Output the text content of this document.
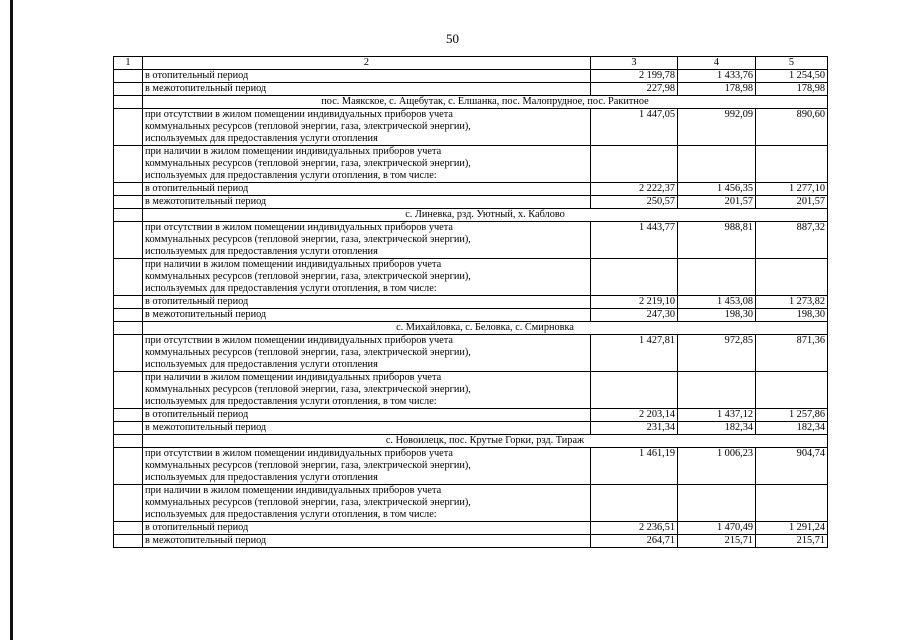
50
1	2	3	4	5
	в отопительный период	2 199,78	1 433,76	1 254,50
	в межотопительный период	227,98	178,98	178,98
	пос. Маякское, с. Ащебутак, с. Елшанка, пос. Малопрудное, пос. Ракитное			
	при отсутствии в жилом помещении индивидуальных приборов учета
коммунальных ресурсов (тепловой энергии, газа, электрической энергии),
используемых для предоставления услуги отопления	1 447,05	992,09	890,60
	при наличии в жилом помещении индивидуальных приборов учета
коммунальных ресурсов (тепловой энергии, газа, электрической энергии),
используемых для предоставления услуги отопления, в том числе:			
	в отопительный период	2 222,37	1 456,35	1 277,10
	в межотопительный период	250,57	201,57	201,57
	с. Линевка, рзд. Уютный, х. Каблово			
	при отсутствии в жилом помещении индивидуальных приборов учета
коммунальных ресурсов (тепловой энергии, газа, электрической энергии),
используемых для предоставления услуги отопления	1 443,77	988,81	887,32
	при наличии в жилом помещении индивидуальных приборов учета
коммунальных ресурсов (тепловой энергии, газа, электрической энергии),
используемых для предоставления услуги отопления, в том числе:			
	в отопительный период	2 219,10	1 453,08	1 273,82
	в межотопительный период	247,30	198,30	198,30
	с. Михайловка, с. Беловка, с. Смирновка			
	при отсутствии в жилом помещении индивидуальных приборов учета
коммунальных ресурсов (тепловой энергии, газа, электрической энергии),
используемых для предоставления услуги отопления	1 427,81	972,85	871,36
	при наличии в жилом помещении индивидуальных приборов учета
коммунальных ресурсов (тепловой энергии, газа, электрической энергии),
используемых для предоставления услуги отопления, в том числе:			
	в отопительный период	2 203,14	1 437,12	1 257,86
	в межотопительный период	231,34	182,34	182,34
	с. Новоилецк, пос. Крутые Горки, рзд. Тираж			
	при отсутствии в жилом помещении индивидуальных приборов учета
коммунальных ресурсов (тепловой энергии, газа, электрической энергии),
используемых для предоставления услуги отопления	1 461,19	1 006,23	904,74
	при наличии в жилом помещении индивидуальных приборов учета
коммунальных ресурсов (тепловой энергии, газа, электрической энергии),
используемых для предоставления услуги отопления, в том числе:			
	в отопительный период	2 236,51	1 470,49	1 291,24
	в межотопительный период	264,71	215,71	215,71
